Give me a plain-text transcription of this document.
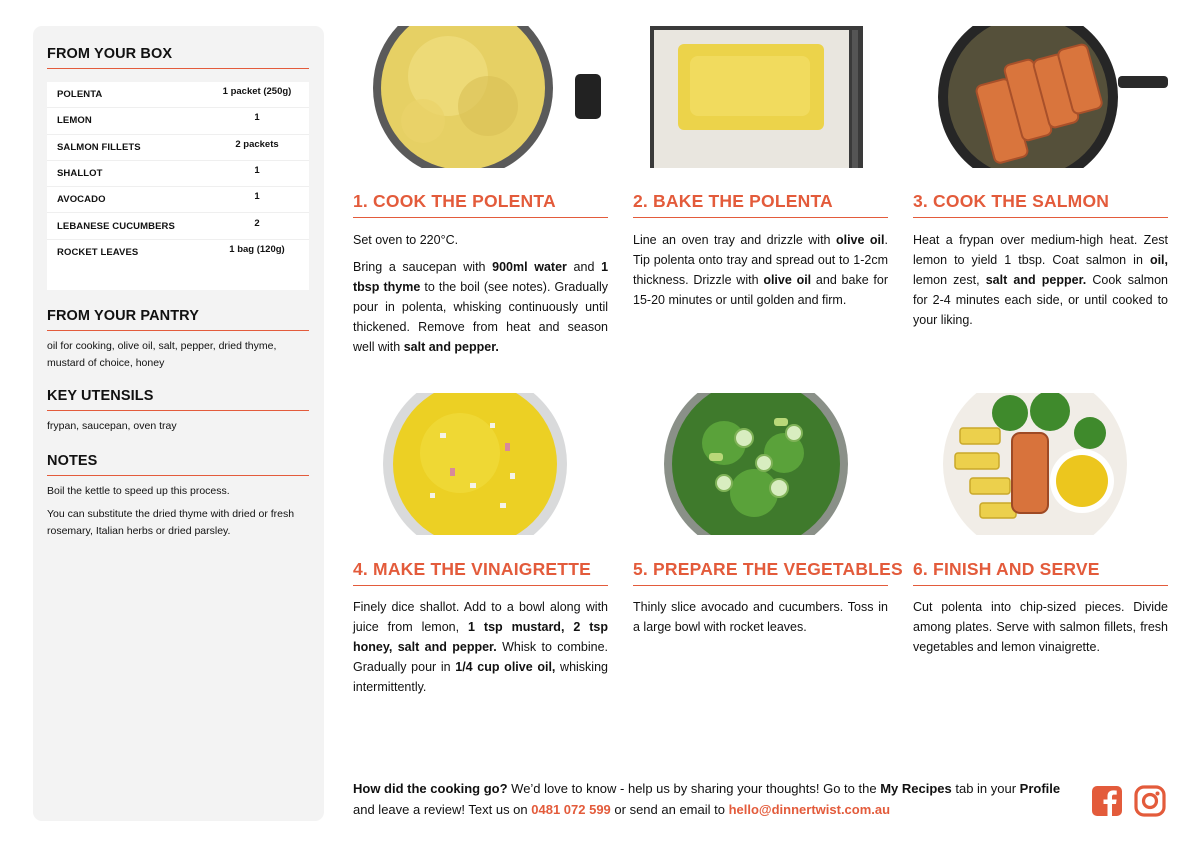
FROM YOUR BOX
POLENTA	1 packet (250g)
LEMON	1
SALMON FILLETS	2 packets
SHALLOT	1
AVOCADO	1
LEBANESE CUCUMBERS	2
ROCKET LEAVES	1 bag (120g)
FROM YOUR PANTRY

oil for cooking, olive oil, salt, pepper, dried thyme, mustard of choice, honey

KEY UTENSILS

frypan, saucepan, oven tray

NOTES

Boil the kettle to speed up this process.

You can substitute the dried thyme with dried or fresh rosemary, Italian herbs or dried parsley.

1. COOK THE POLENTA

Set oven to 220°C.

Bring a saucepan with 900ml water and 1 tbsp thyme to the boil (see notes). Gradually pour in polenta, whisking continuously until thickened. Remove from heat and season well with salt and pepper.

2. BAKE THE POLENTA

Line an oven tray and drizzle with olive oil. Tip polenta onto tray and spread out to 1-2cm thickness. Drizzle with olive oil and bake for 15-20 minutes or until golden and firm.

3. COOK THE SALMON

Heat a frypan over medium-high heat. Zest lemon to yield 1 tbsp. Coat salmon in oil, lemon zest, salt and pepper. Cook salmon for 2-4 minutes each side, or until cooked to your liking.

4. MAKE THE VINAIGRETTE

Finely dice shallot. Add to a bowl along with juice from lemon, 1 tsp mustard, 2 tsp honey, salt and pepper. Whisk to combine. Gradually pour in 1/4 cup olive oil, whisking intermittently.

5. PREPARE THE VEGETABLES

Thinly slice avocado and cucumbers. Toss in a large bowl with rocket leaves.

6. FINISH AND SERVE

Cut polenta into chip-sized pieces. Divide among plates. Serve with salmon fillets, fresh vegetables and lemon vinaigrette.

How did the cooking go? We’d love to know - help us by sharing your thoughts! Go to the My Recipes tab in your Profile and leave a review! Text us on 0481 072 599 or send an email to hello@dinnertwist.com.au
